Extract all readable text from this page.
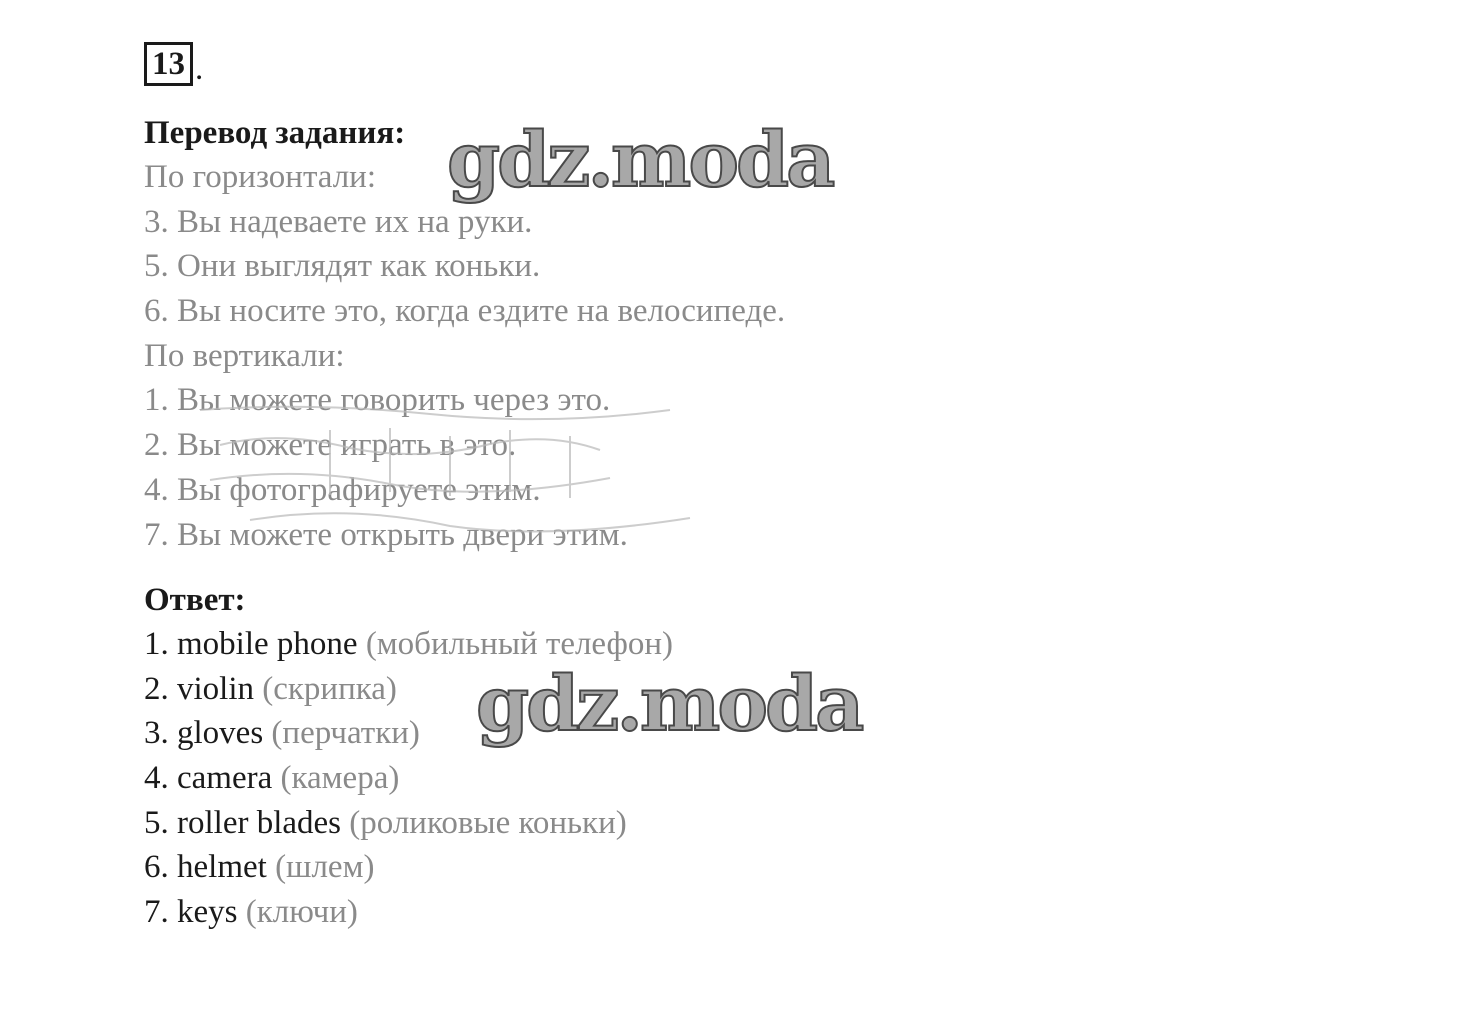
13 .
Перевод задания:
По горизонтали:
3. Вы надеваете их на руки.
5. Они выглядят как коньки.
6. Вы носите это, когда ездите на велосипеде.
По вертикали:
1. Вы можете говорить через это.
2. Вы можете играть в это.
4. Вы фотографируете этим.
7. Вы можете открыть двери этим.
Ответ:
1. mobile phone (мобильный телефон)
2. violin (скрипка)
3. gloves (перчатки)
4. camera (камера)
5. roller blades (роликовые коньки)
6. helmet (шлем)
7. keys (ключи)
gdz.moda
gdz.moda
